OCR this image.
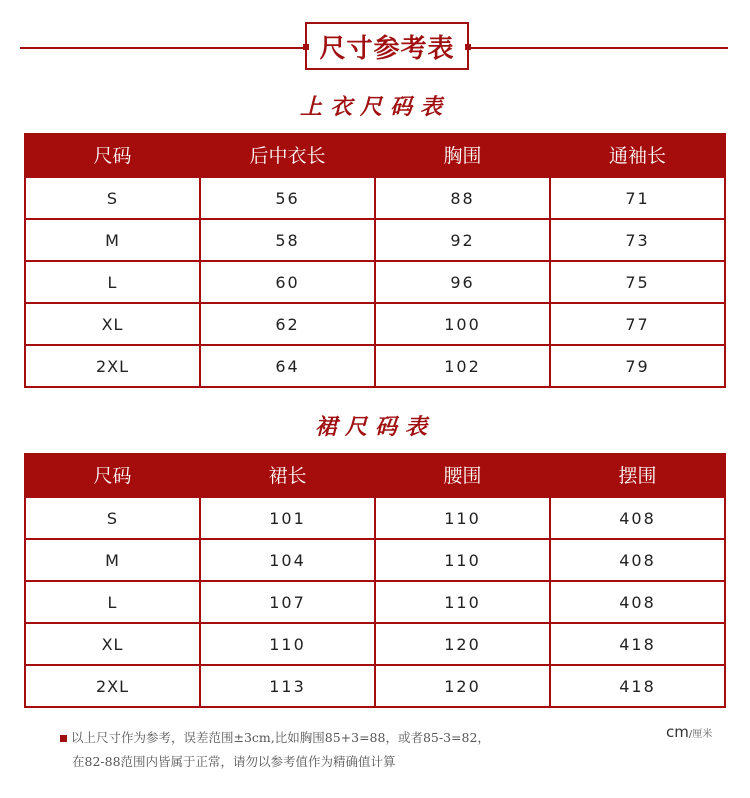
尺寸参考表
上衣尺码表
尺码	后中衣长	胸围	通袖长
S	56	88	71
M	58	92	73
L	60	96	75
XL	62	100	77
2XL	64	102	79
裙尺码表
尺码	裙长	腰围	摆围
S	101	110	408
M	104	110	408
L	107	110	408
XL	110	120	418
2XL	113	120	418
cm/厘米
以上尺寸作为参考，误差范围±3cm,比如胸围85+3=88，或者85-3=82，
在82-88范围内皆属于正常，请勿以参考值作为精确值计算
